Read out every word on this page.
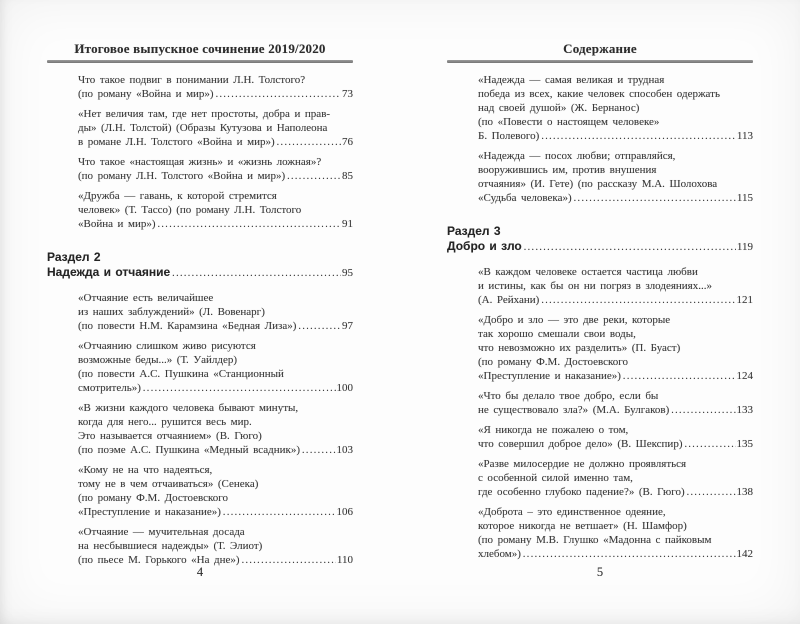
Итоговое выпускное сочинение 2019/2020
Что такое подвиг в понимании Л.Н. Толстого?
(по роману «Война и мир») .....	73
«Нет величия там, где нет простоты, добра и прав-
ды» (Л.Н. Толстой) (Образы Кутузова и Наполеона
в романе Л.Н. Толстого «Война и мир») .....	76
Что такое «настоящая жизнь» и «жизнь ложная»?
(по роману Л.Н. Толстого «Война и мир») .....	85
«Дружба — гавань, к которой стремится
человек» (Т. Тассо) (по роману Л.Н. Толстого
«Война и мир») .....	91
Раздел 2
Надежда и отчаяние .....	95
«Отчаяние есть величайшее
из наших заблуждений» (Л. Вовенарг)
(по повести Н.М. Карамзина «Бедная Лиза») .....	97
«Отчаянию слишком живо рисуются
возможные беды...» (Т. Уайлдер)
(по повести А.С. Пушкина «Станционный
смотритель») .....	100
«В жизни каждого человека бывают минуты,
когда для него... рушится весь мир.
Это называется отчаянием» (В. Гюго)
(по поэме А.С. Пушкина «Медный всадник») .....	103
«Кому не на что надеяться,
тому не в чем отчаиваться» (Сенека)
(по роману Ф.М. Достоевского
«Преступление и наказание») .....	106
«Отчаяние — мучительная досада
на несбывшиеся надежды» (Т. Элиот)
(по пьесе М. Горького «На дне») .....	110
4
Содержание
«Надежда — самая великая и трудная
победа из всех, какие человек способен одержать
над своей душой» (Ж. Бернанос)
(по «Повести о настоящем человеке»
Б. Полевого) .....	113
«Надежда — посох любви; отправляйся,
вооружившись им, против внушения
отчаяния» (И. Гете) (по рассказу М.А. Шолохова
«Судьба человека») .....	115
Раздел 3
Добро и зло .....	119
«В каждом человеке остается частица любви
и истины, как бы он ни погряз в злодеяниях...»
(А. Рейхани) .....	121
«Добро и зло — это две реки, которые
так хорошо смешали свои воды,
что невозможно их разделить» (П. Буаст)
(по роману Ф.М. Достоевского
«Преступление и наказание») .....	124
«Что бы делало твое добро, если бы
не существовало зла?» (М.А. Булгаков) .....	133
«Я никогда не пожалею о том,
что совершил доброе дело» (В. Шекспир) .....	135
«Разве милосердие не должно проявляться
с особенной силой именно там,
где особенно глубоко падение?» (В. Гюго) .....	138
«Доброта – это единственное одеяние,
которое никогда не ветшает» (Н. Шамфор)
(по роману М.В. Глушко «Мадонна с пайковым
хлебом») .....	142
5
